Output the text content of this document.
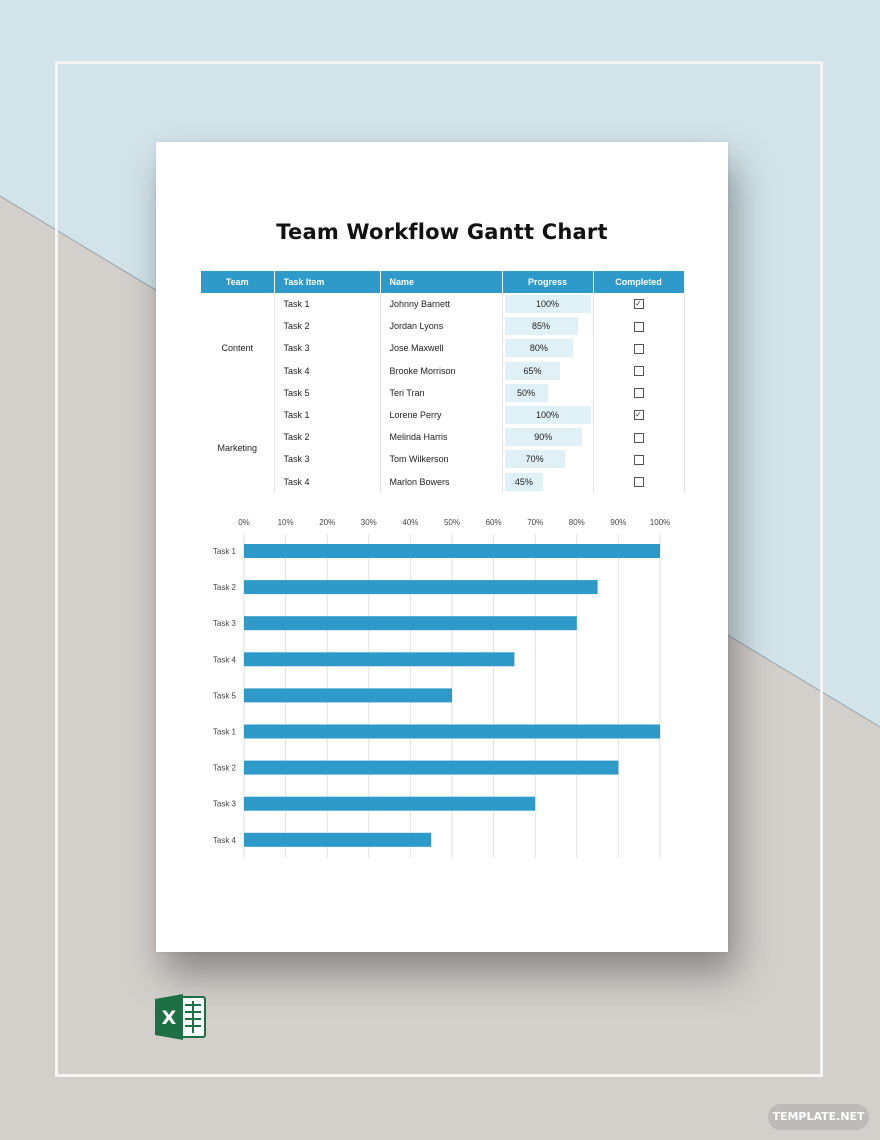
Team Workflow Gantt Chart
Team	Task Item	Name	Progress	Completed
Content	Task 1	Johnny Barnett	100%	✓
	Task 2	Jordan Lyons	85%	

	Task 3	Jose Maxwell	80%	

	Task 4	Brooke Morrison	65%	

	Task 5	Teri Tran	50%	

Marketing	Task 1	Lorene Perry	100%	✓
	Task 2	Melinda Harris	90%	

	Task 3	Tom Wilkerson	70%	

	Task 4	Marlon Bowers	45%	

0%	10%	20%	30%	40%	50%	60%	70%	80%	90%	100%
Task 1
Task 2
Task 3
Task 4
Task 5
Task 1
Task 2
Task 3
Task 4
X
TEMPLATE.NET
